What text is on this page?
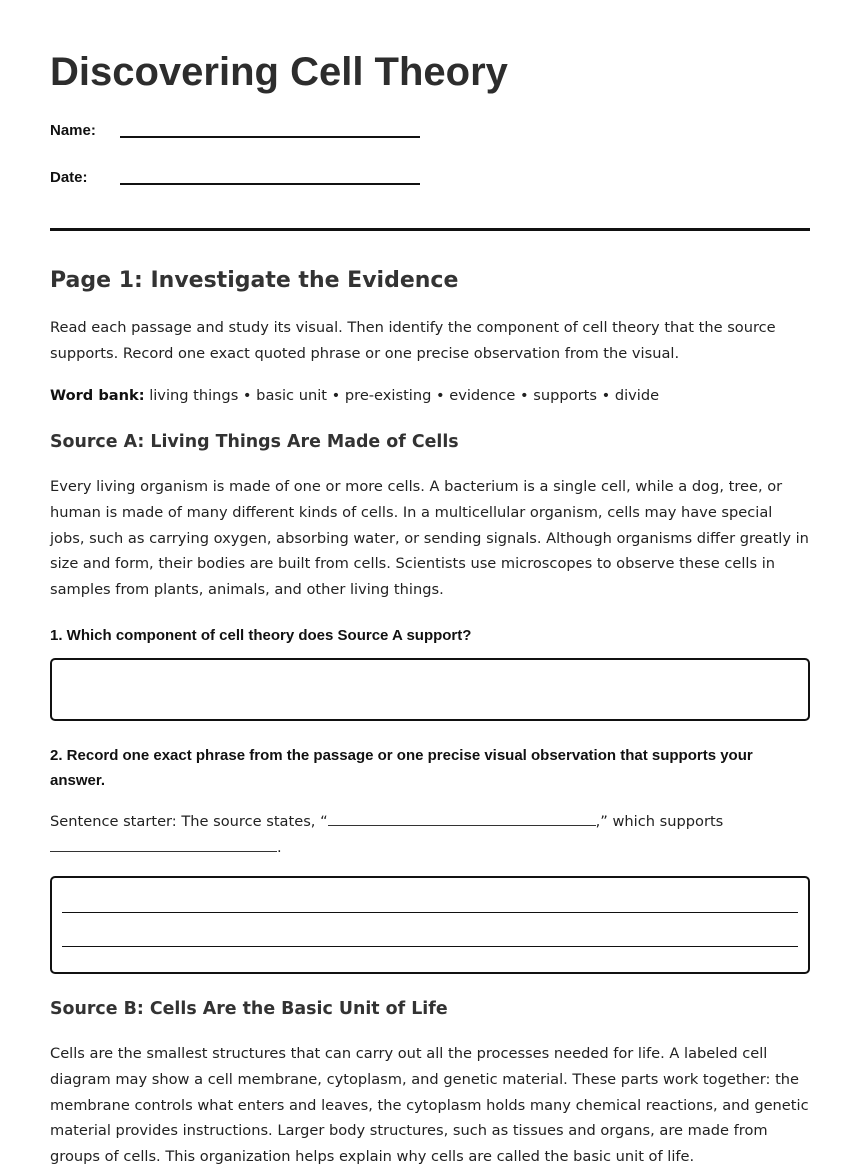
Discovering Cell Theory
Name:
Date:
Page 1: Investigate the Evidence

Read each passage and study its visual. Then identify the component of cell theory that the source supports. Record one exact quoted phrase or one precise observation from the visual.

Word bank: living things • basic unit • pre-existing • evidence • supports • divide

Source A: Living Things Are Made of Cells

Every living organism is made of one or more cells. A bacterium is a single cell, while a dog, tree, or human is made of many different kinds of cells. In a multicellular organism, cells may have special jobs, such as carrying oxygen, absorbing water, or sending signals. Although organisms differ greatly in size and form, their bodies are built from cells. Scientists use microscopes to observe these cells in samples from plants, animals, and other living things.

1. Which component of cell theory does Source A support?

2. Record one exact phrase from the passage or one precise visual observation that supports your answer.

Sentence starter: The source states, “	,” which supports
.

Source B: Cells Are the Basic Unit of Life

Cells are the smallest structures that can carry out all the processes needed for life. A labeled cell diagram may show a cell membrane, cytoplasm, and genetic material. These parts work together: the membrane controls what enters and leaves, the cytoplasm holds many chemical reactions, and genetic material provides instructions. Larger body structures, such as tissues and organs, are made from groups of cells. This organization helps explain why cells are called the basic unit of life.
